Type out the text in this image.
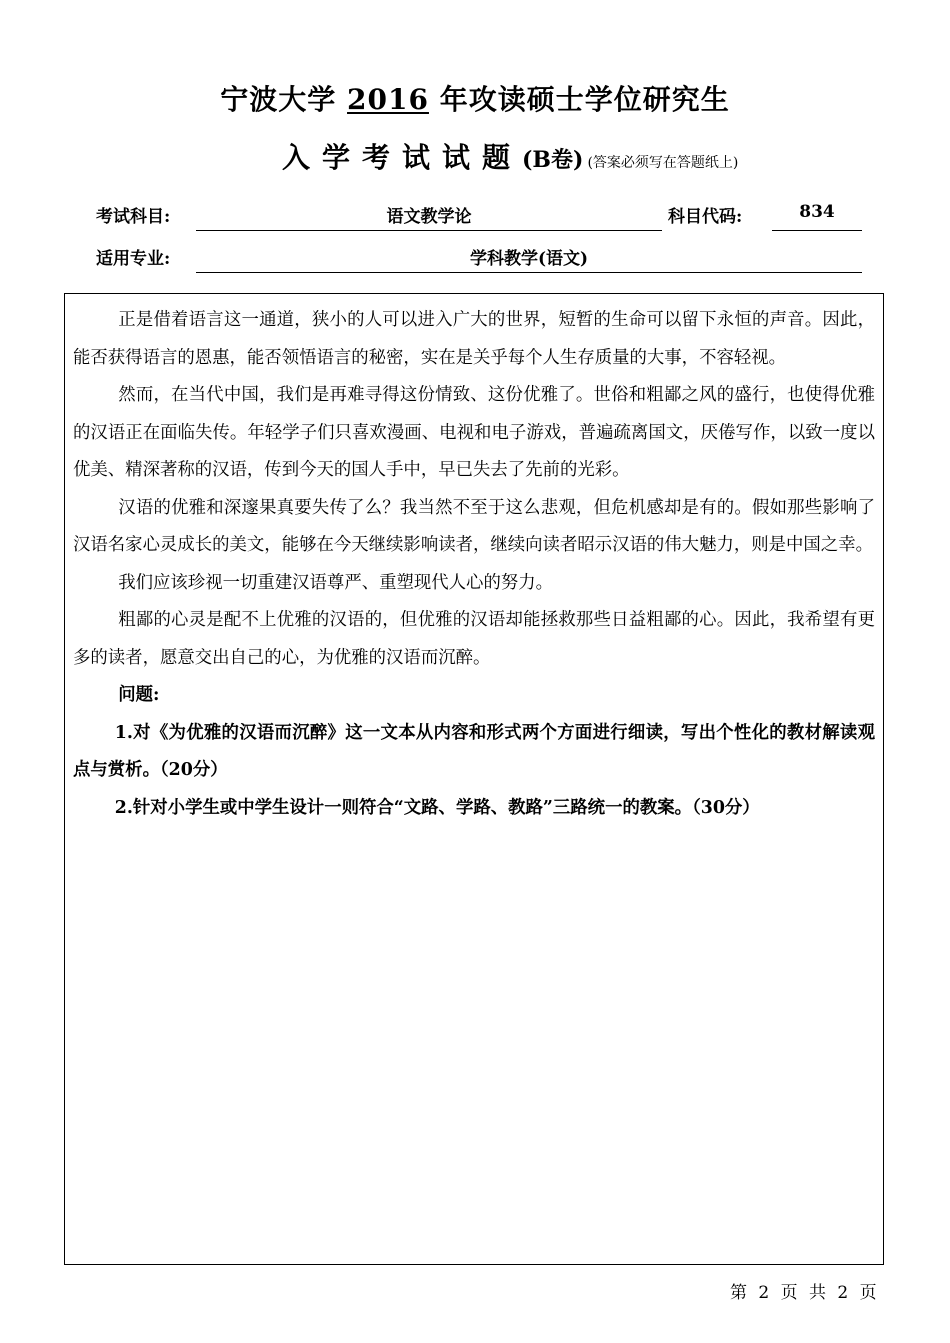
宁波大学 2016 年攻读硕士学位研究生
入学考试试题(B卷) (答案必须写在答题纸上)
考试科目:	语文教学论	科目代码:	834
适用专业:	学科教学(语文)

正是借着语言这一通道，狭小的人可以进入广大的世界，短暂的生命可以留下永恒的声音。因此，能否获得语言的恩惠，能否领悟语言的秘密，实在是关乎每个人生存质量的大事，不容轻视。

然而，在当代中国，我们是再难寻得这份情致、这份优雅了。世俗和粗鄙之风的盛行，也使得优雅的汉语正在面临失传。年轻学子们只喜欢漫画、电视和电子游戏，普遍疏离国文，厌倦写作，以致一度以优美、精深著称的汉语，传到今天的国人手中，早已失去了先前的光彩。

汉语的优雅和深邃果真要失传了么？我当然不至于这么悲观，但危机感却是有的。假如那些影响了汉语名家心灵成长的美文，能够在今天继续影响读者，继续向读者昭示汉语的伟大魅力，则是中国之幸。

我们应该珍视一切重建汉语尊严、重塑现代人心的努力。

粗鄙的心灵是配不上优雅的汉语的，但优雅的汉语却能拯救那些日益粗鄙的心。因此，我希望有更多的读者，愿意交出自己的心，为优雅的汉语而沉醉。

问题:

1.对《为优雅的汉语而沉醉》这一文本从内容和形式两个方面进行细读，写出个性化的教材解读观点与赏析。（20分）

2.针对小学生或中学生设计一则符合“文路、学路、教路”三路统一的教案。（30分）

第 2 页 共 2 页
